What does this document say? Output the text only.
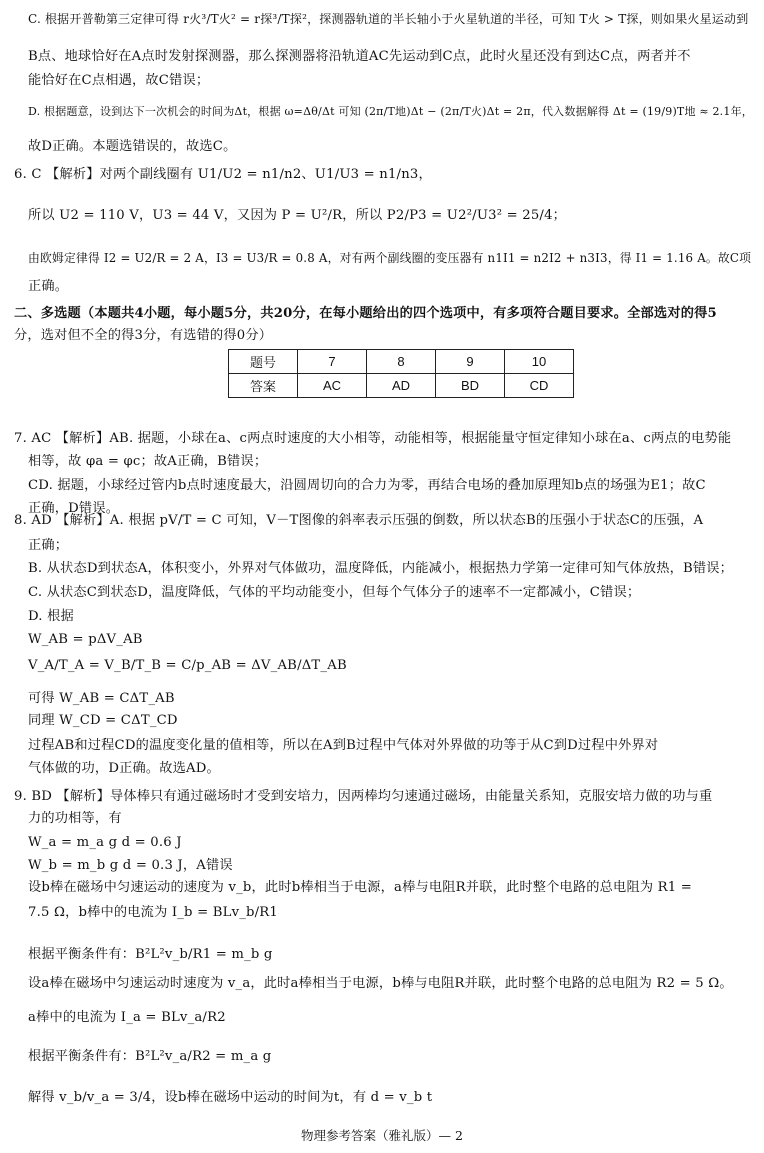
C. 根据开普勒第三定律可得 r火³/T火² = r探³/T探²，探测器轨道的半长轴小于火星轨道的半径，可知 T火 > T探，则如果火星运动到
B点、地球恰好在A点时发射探测器，那么探测器将沿轨道AC先运动到C点，此时火星还没有到达C点，两者并不
能恰好在C点相遇，故C错误；
D. 根据题意，设到达下一次机会的时间为Δt，根据 ω=Δθ/Δt 可知 (2π/T地)Δt − (2π/T火)Δt = 2π，代入数据解得 Δt = (19/9)T地 ≈ 2.1年，
故D正确。本题选错误的，故选C。
6. C 【解析】对两个副线圈有 U1/U2 = n1/n2、U1/U3 = n1/n3，
所以 U2 = 110 V，U3 = 44 V，又因为 P = U²/R，所以 P2/P3 = U2²/U3² = 25/4；
由欧姆定律得 I2 = U2/R = 2 A，I3 = U3/R = 0.8 A，对有两个副线圈的变压器有 n1I1 = n2I2 + n3I3，得 I1 = 1.16 A。故C项
正确。
二、多选题（本题共4小题，每小题5分，共20分，在每小题给出的四个选项中，有多项符合题目要求。全部选对的得5
分，选对但不全的得3分，有选错的得0分）
7. AC 【解析】AB. 据题，小球在a、c两点时速度的大小相等，动能相等，根据能量守恒定律知小球在a、c两点的电势能
相等，故 φa = φc；故A正确，B错误；
CD. 据题，小球经过管内b点时速度最大，沿圆周切向的合力为零，再结合电场的叠加原理知b点的场强为E1；故C
正确，D错误。
8. AD 【解析】A. 根据 pV/T = C 可知，V－T图像的斜率表示压强的倒数，所以状态B的压强小于状态C的压强，A
正确；
B. 从状态D到状态A，体积变小，外界对气体做功，温度降低，内能减小，根据热力学第一定律可知气体放热，B错误；
C. 从状态C到状态D，温度降低，气体的平均动能变小，但每个气体分子的速率不一定都减小，C错误；
D. 根据
W_AB = pΔV_AB
V_A/T_A = V_B/T_B = C/p_AB = ΔV_AB/ΔT_AB
可得 W_AB = CΔT_AB
同理 W_CD = CΔT_CD
过程AB和过程CD的温度变化量的值相等，所以在A到B过程中气体对外界做的功等于从C到D过程中外界对
气体做的功，D正确。故选AD。
9. BD 【解析】导体棒只有通过磁场时才受到安培力，因两棒均匀速通过磁场，由能量关系知，克服安培力做的功与重
力的功相等，有
W_a = m_a g d = 0.6 J
W_b = m_b g d = 0.3 J，A错误
设b棒在磁场中匀速运动的速度为 v_b，此时b棒相当于电源，a棒与电阻R并联，此时整个电路的总电阻为 R1 =
7.5 Ω，b棒中的电流为 I_b = BLv_b/R1
根据平衡条件有：B²L²v_b/R1 = m_b g
设a棒在磁场中匀速运动时速度为 v_a，此时a棒相当于电源，b棒与电阻R并联，此时整个电路的总电阻为 R2 = 5 Ω。
a棒中的电流为 I_a = BLv_a/R2
根据平衡条件有：B²L²v_a/R2 = m_a g
解得 v_b/v_a = 3/4，设b棒在磁场中运动的时间为t，有 d = v_b t
题号	7	8	9	10
答案	AC	AD	BD	CD
物理参考答案（雅礼版）— 2
